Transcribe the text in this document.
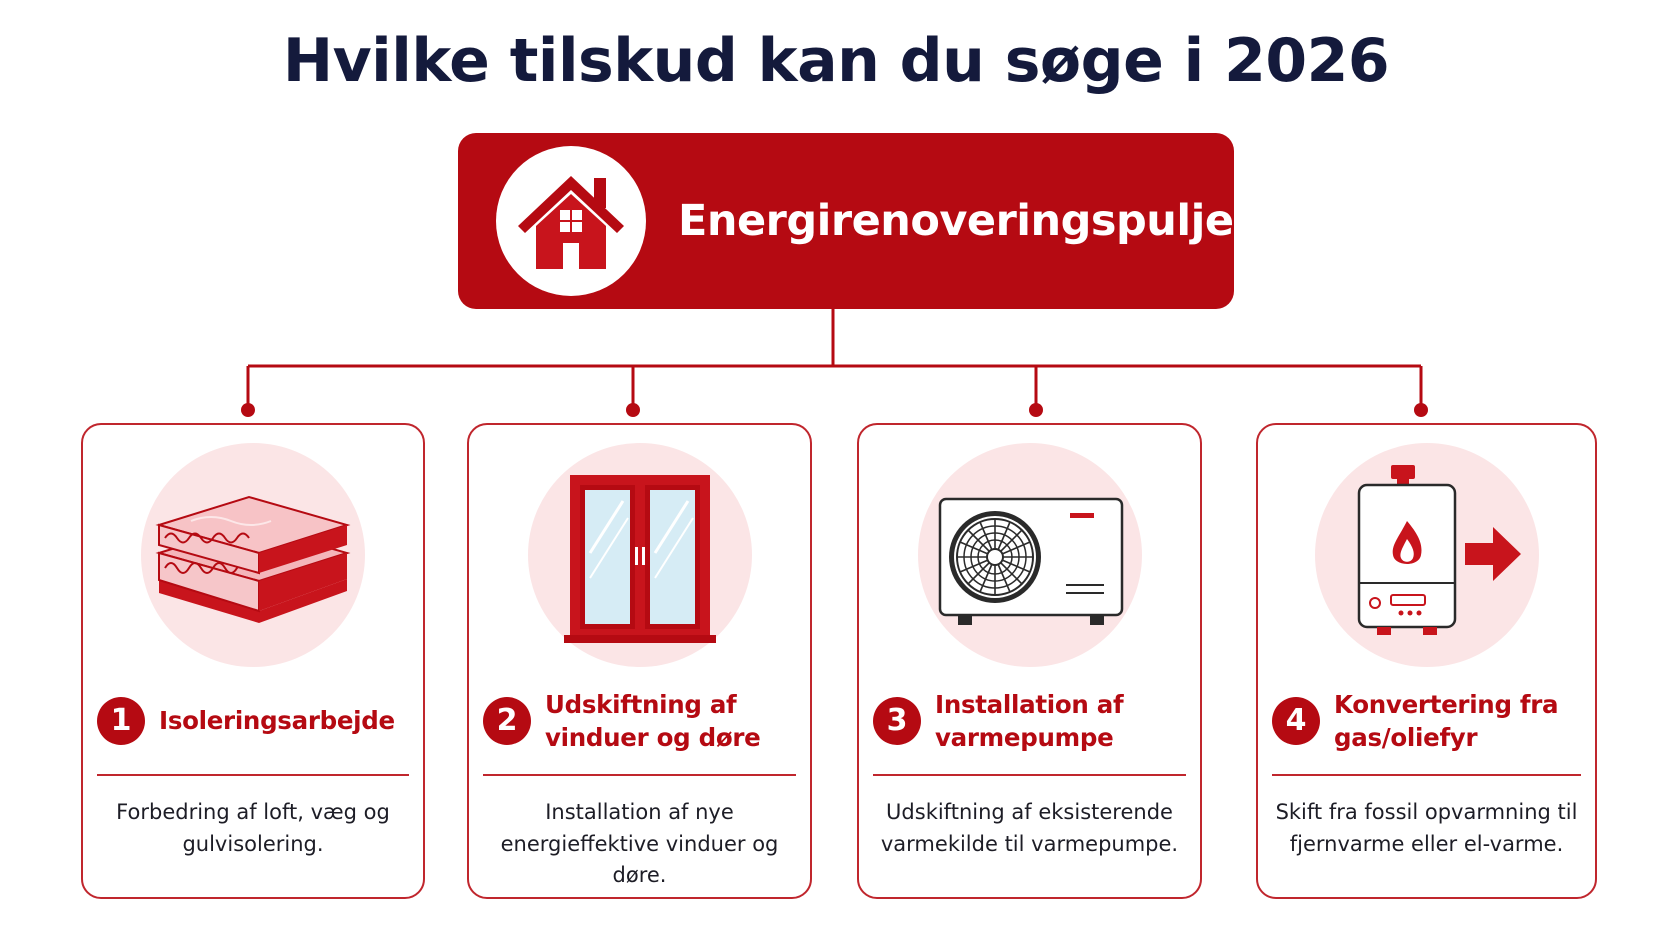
Hvilke tilskud kan du søge i 2026
Energirenoveringspuljen
1	Isoleringsarbejde
Forbedring af loft, væg og gulvisolering.
2	Udskiftning af vinduer og døre
Installation af nye energieffektive vinduer og døre.
3	Installation af varmepumpe
Udskiftning af eksisterende varmekilde til varmepumpe.
4	Konvertering fra gas/oliefyr
Skift fra fossil opvarmning til fjernvarme eller el-varme.
